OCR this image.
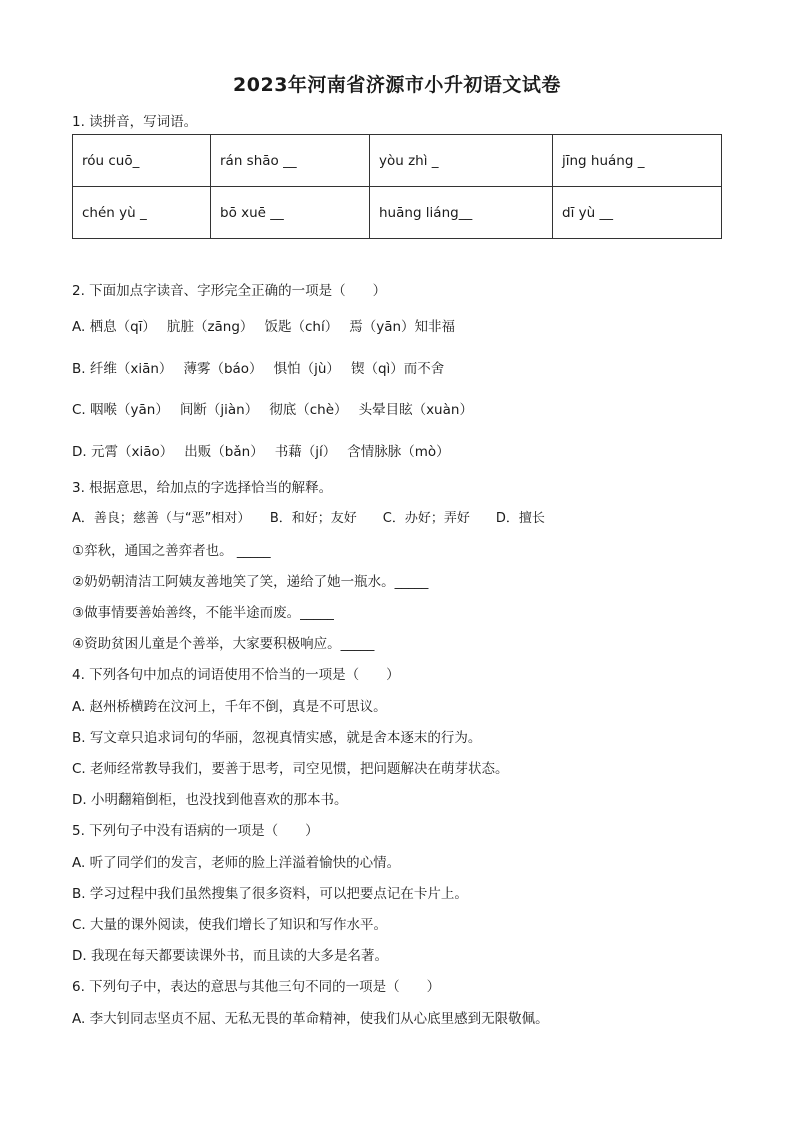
2023年河南省济源市小升初语文试卷
1. 读拼音，写词语。
róu cuō_	rán shāo __	yòu zhì _	jīng huáng _
chén yù _	bō xuē __	huāng liáng__	dī yù __
2. 下面加点字读音、字形完全正确的一项是（　　）
A. 栖息（qī）　 肮脏（zāng）　 饭匙（chí）　 焉（yān）知非福
B. 纤维（xiān）　 薄雾（báo）　 惧怕（jù）　 锲（qì）而不舍
C. 咽喉（yān）　 间断（jiàn）　 彻底（chè）　 头晕目眩（xuàn）
D. 元霄（xiāo）　 出贩（bǎn）　 书藉（jí）　 含情脉脉（mò）
3. 根据意思，给加点的字选择恰当的解释。
A．善良；慈善（与“恶”相对）　　B．和好；友好　　C．办好；弄好　　D．擅长
①弈秋，通国之善弈者也。 _____
②奶奶朝清洁工阿姨友善地笑了笑，递给了她一瓶水。_____
③做事情要善始善终，不能半途而废。_____
④资助贫困儿童是个善举，大家要积极响应。_____
4. 下列各句中加点的词语使用不恰当的一项是（　　）
A. 赵州桥横跨在汶河上，千年不倒，真是不可思议。
B. 写文章只追求词句的华丽，忽视真情实感，就是舍本逐末的行为。
C. 老师经常教导我们，要善于思考，司空见惯，把问题解决在萌芽状态。
D. 小明翻箱倒柜，也没找到他喜欢的那本书。
5. 下列句子中没有语病的一项是（　　）
A. 听了同学们的发言，老师的脸上洋溢着愉快的心情。
B. 学习过程中我们虽然搜集了很多资料，可以把要点记在卡片上。
C. 大量的课外阅读，使我们增长了知识和写作水平。
D. 我现在每天都要读课外书，而且读的大多是名著。
6. 下列句子中，表达的意思与其他三句不同的一项是（　　）
A. 李大钊同志坚贞不屈、无私无畏的革命精神，使我们从心底里感到无限敬佩。
